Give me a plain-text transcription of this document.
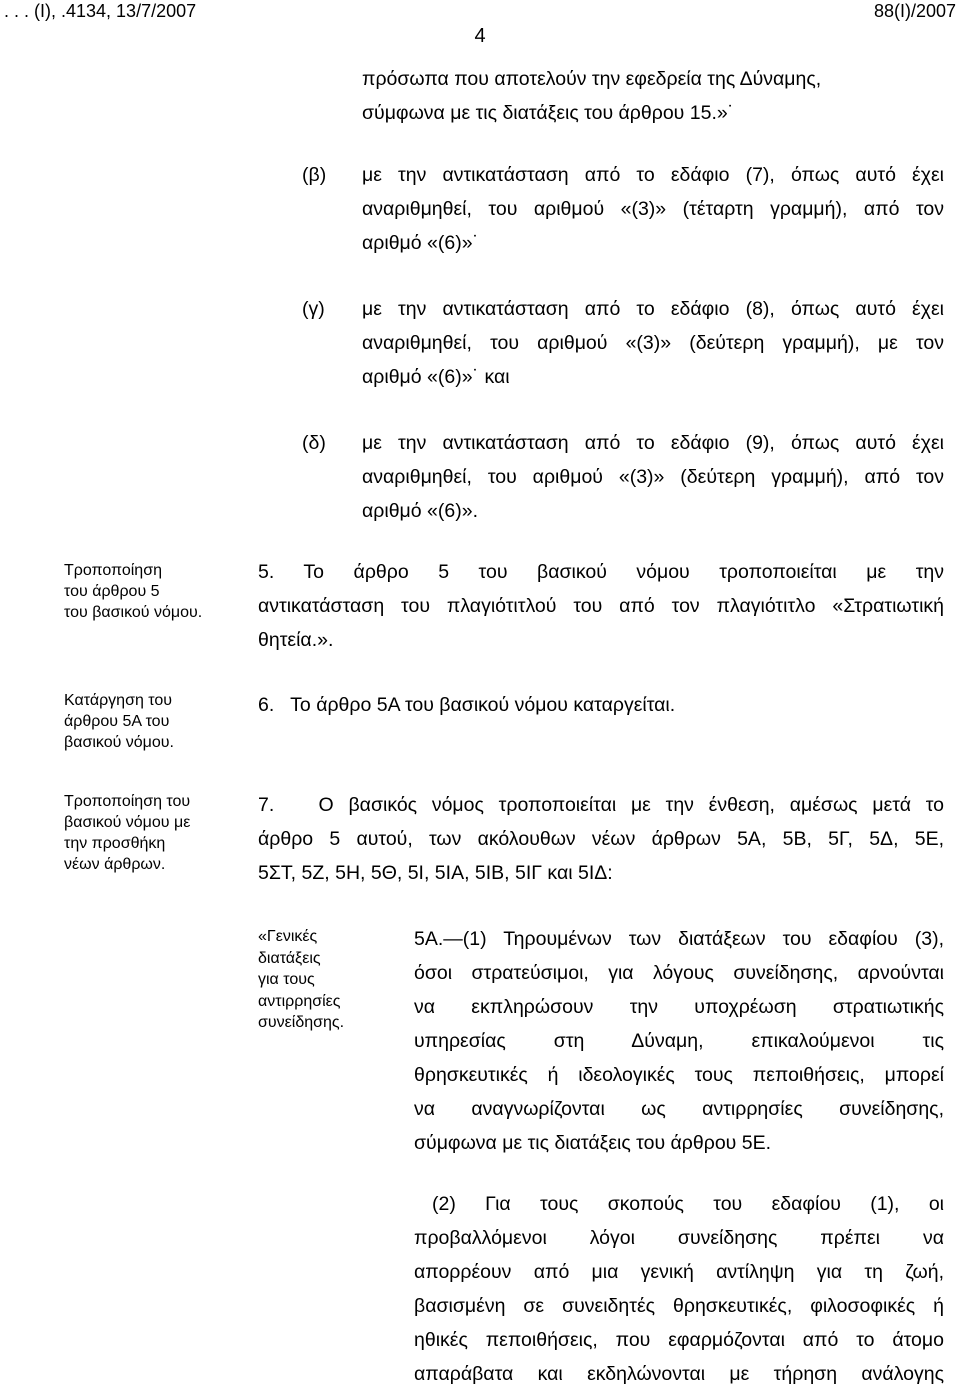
. . . (Ι), .4134, 13/7/2007	88(Ι)/2007
4

πρόσωπα που αποτελούν την εφεδρεία της Δύναμης,

σύμφωνα με τις διατάξεις του άρθρου 15.»˙

(β) με την αντικατάσταση από το εδάφιο (7), όπως αυτό έχει

αναριθμηθεί, του αριθμού «(3)» (τέταρτη γραμμή), από τον

αριθμό «(6)»˙

(γ) με την αντικατάσταση από το εδάφιο (8), όπως αυτό έχει

αναριθμηθεί, του αριθμού «(3)» (δεύτερη γραμμή), με τον

αριθμό «(6)»˙ και

(δ) με την αντικατάσταση από το εδάφιο (9), όπως αυτό έχει

αναριθμηθεί, του αριθμού «(3)» (δεύτερη γραμμή), από τον

αριθμό «(6)».

Τροποποίηση

του άρθρου 5

του βασικού νόμου.

5. Το άρθρο 5 του βασικού νόμου τροποποιείται με την

αντικατάσταση του πλαγιότιτλού του από τον πλαγιότιτλο «Στρατιωτική

θητεία.».

Κατάργηση του

άρθρου 5Α του

βασικού νόμου.

6.   Το άρθρο 5Α του βασικού νόμου καταργείται.

Τροποποίηση του

βασικού νόμου με

την προσθήκη

νέων άρθρων.

7.   Ο βασικός νόμος τροποποιείται με την ένθεση, αμέσως μετά το

άρθρο 5 αυτού, των ακόλουθων νέων άρθρων 5Α, 5Β, 5Γ, 5Δ, 5Ε,

5ΣΤ, 5Ζ, 5Η, 5Θ, 5Ι, 5ΙΑ, 5ΙΒ, 5ΙΓ και 5ΙΔ:

«Γενικές

διατάξεις

για τους

αντιρρησίες

συνείδησης.

5Α.―(1) Τηρουμένων των διατάξεων του εδαφίου (3),

όσοι στρατεύσιμοι, για λόγους συνείδησης, αρνούνται

να εκπληρώσουν την υποχρέωση στρατιωτικής

υπηρεσίας στη Δύναμη, επικαλούμενοι τις

θρησκευτικές ή ιδεολογικές τους πεποιθήσεις, μπορεί

να αναγνωρίζονται ως αντιρρησίες συνείδησης,

σύμφωνα με τις διατάξεις του άρθρου 5Ε.

(2) Για τους σκοπούς του εδαφίου (1), οι

προβαλλόμενοι λόγοι συνείδησης πρέπει να

απορρέουν από μια γενική αντίληψη για τη ζωή,

βασισμένη σε συνειδητές θρησκευτικές, φιλοσοφικές ή

ηθικές πεποιθήσεις, που εφαρμόζονται από το άτομο

απαράβατα και εκδηλώνονται με τήρηση ανάλογης
